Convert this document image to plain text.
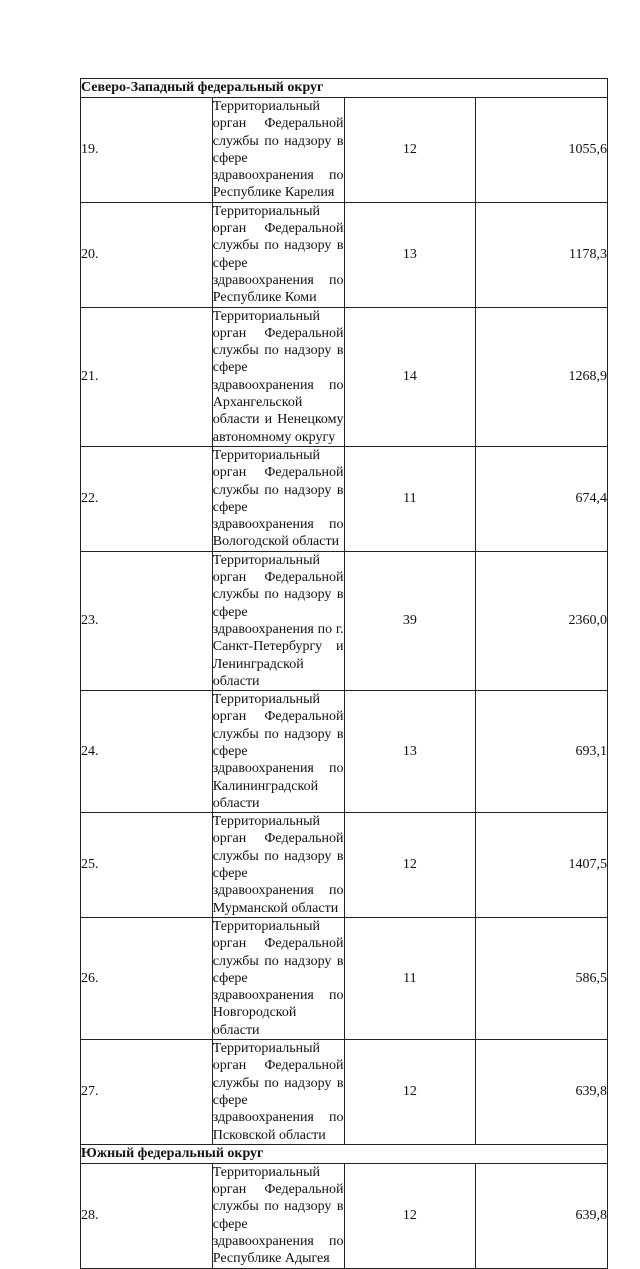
Северо-Западный федеральный округ			
19.	Территориальный орган Федеральной службы по надзору в сфере здравоохранения по Республике Карелия	12	1055,6
20.	Территориальный орган Федеральной службы по надзору в сфере здравоохранения по Республике Коми	13	1178,3
21.	Территориальный орган Федеральной службы по надзору в сфере здравоохранения по Архангельской области и Ненецкому автономному округу	14	1268,9
22.	Территориальный орган Федеральной службы по надзору в сфере здравоохранения по Вологодской области	11	674,4
23.	Территориальный орган Федеральной службы по надзору в сфере здравоохранения по г. Санкт-Петербургу и Ленинградской области	39	2360,0
24.	Территориальный орган Федеральной службы по надзору в сфере здравоохранения по Калининградской области	13	693,1
25.	Территориальный орган Федеральной службы по надзору в сфере здравоохранения по Мурманской области	12	1407,5
26.	Территориальный орган Федеральной службы по надзору в сфере здравоохранения по Новгородской области	11	586,5
27.	Территориальный орган Федеральной службы по надзору в сфере здравоохранения по Псковской области	12	639,8
Южный федеральный округ			
28.	Территориальный орган Федеральной службы по надзору в сфере здравоохранения по Республике Адыгея	12	639,8
